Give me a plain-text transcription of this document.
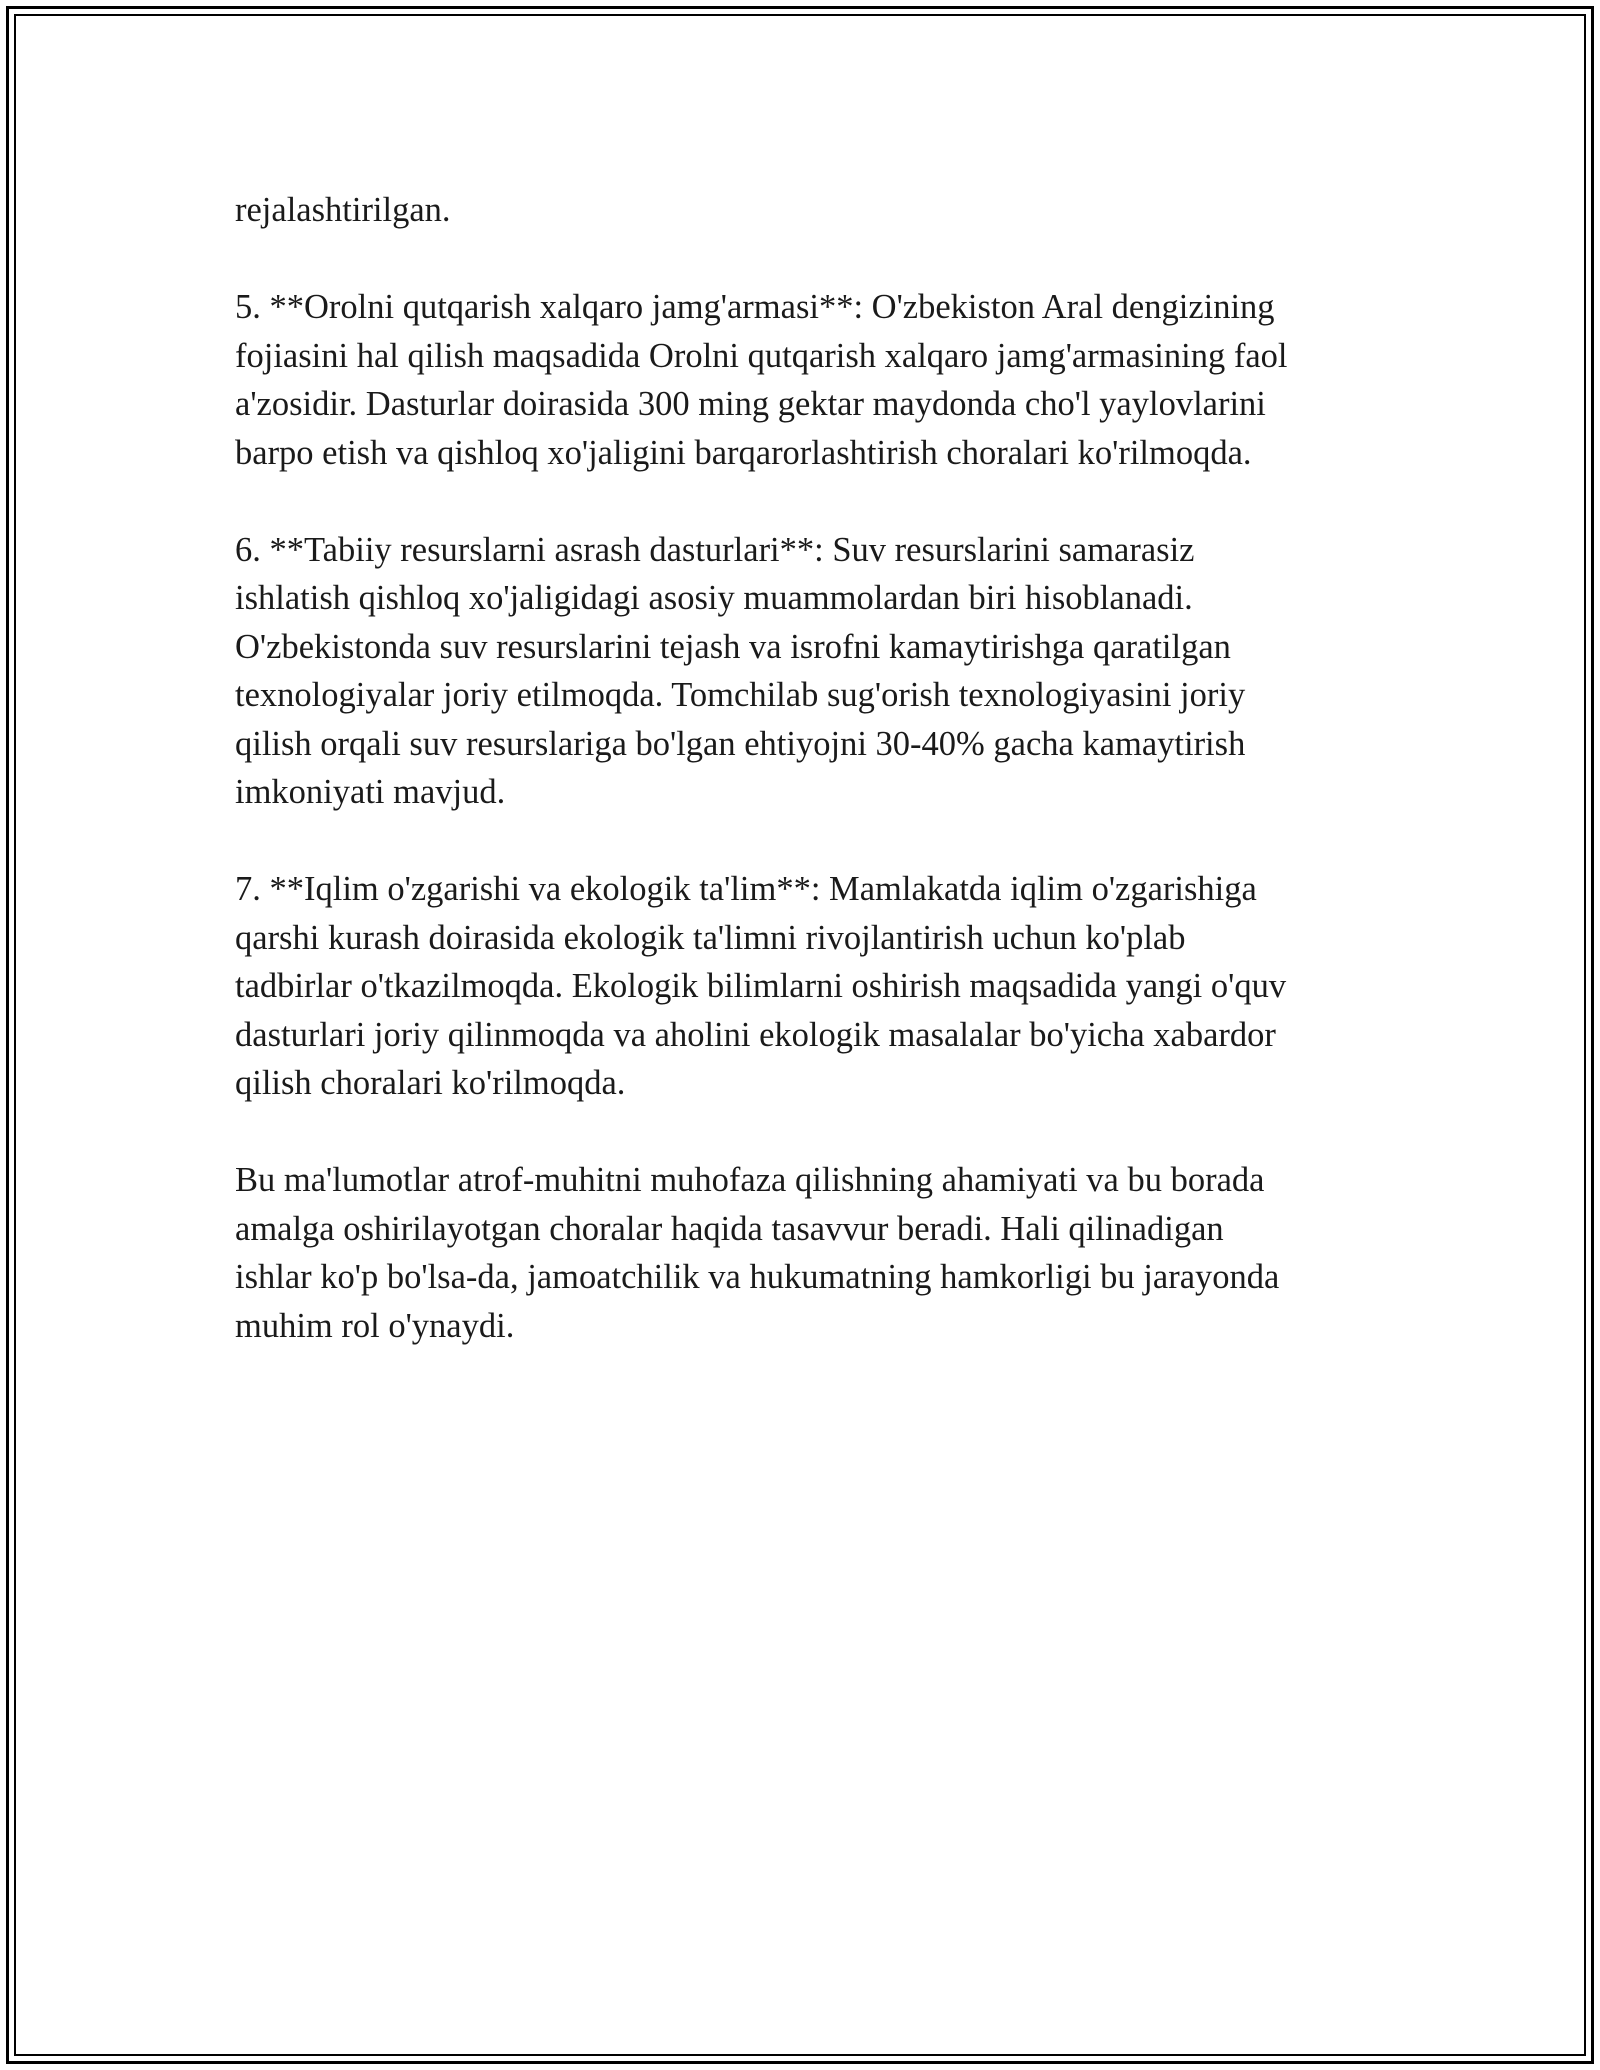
rejalashtirilgan.

5. **Orolni qutqarish xalqaro jamg'armasi**: O'zbekiston Aral dengizining
fojiasini hal qilish maqsadida Orolni qutqarish xalqaro jamg'armasining faol
a'zosidir. Dasturlar doirasida 300 ming gektar maydonda cho'l yaylovlarini
barpo etish va qishloq xo'jaligini barqarorlashtirish choralari ko'rilmoqda.

6. **Tabiiy resurslarni asrash dasturlari**: Suv resurslarini samarasiz
ishlatish qishloq xo'jaligidagi asosiy muammolardan biri hisoblanadi.
O'zbekistonda suv resurslarini tejash va isrofni kamaytirishga qaratilgan
texnologiyalar joriy etilmoqda. Tomchilab sug'orish texnologiyasini joriy
qilish orqali suv resurslariga bo'lgan ehtiyojni 30-40% gacha kamaytirish
imkoniyati mavjud.

7. **Iqlim o'zgarishi va ekologik ta'lim**: Mamlakatda iqlim o'zgarishiga
qarshi kurash doirasida ekologik ta'limni rivojlantirish uchun ko'plab
tadbirlar o'tkazilmoqda. Ekologik bilimlarni oshirish maqsadida yangi o'quv
dasturlari joriy qilinmoqda va aholini ekologik masalalar bo'yicha xabardor
qilish choralari ko'rilmoqda.

Bu ma'lumotlar atrof-muhitni muhofaza qilishning ahamiyati va bu borada
amalga oshirilayotgan choralar haqida tasavvur beradi. Hali qilinadigan
ishlar ko'p bo'lsa-da, jamoatchilik va hukumatning hamkorligi bu jarayonda
muhim rol o'ynaydi.
